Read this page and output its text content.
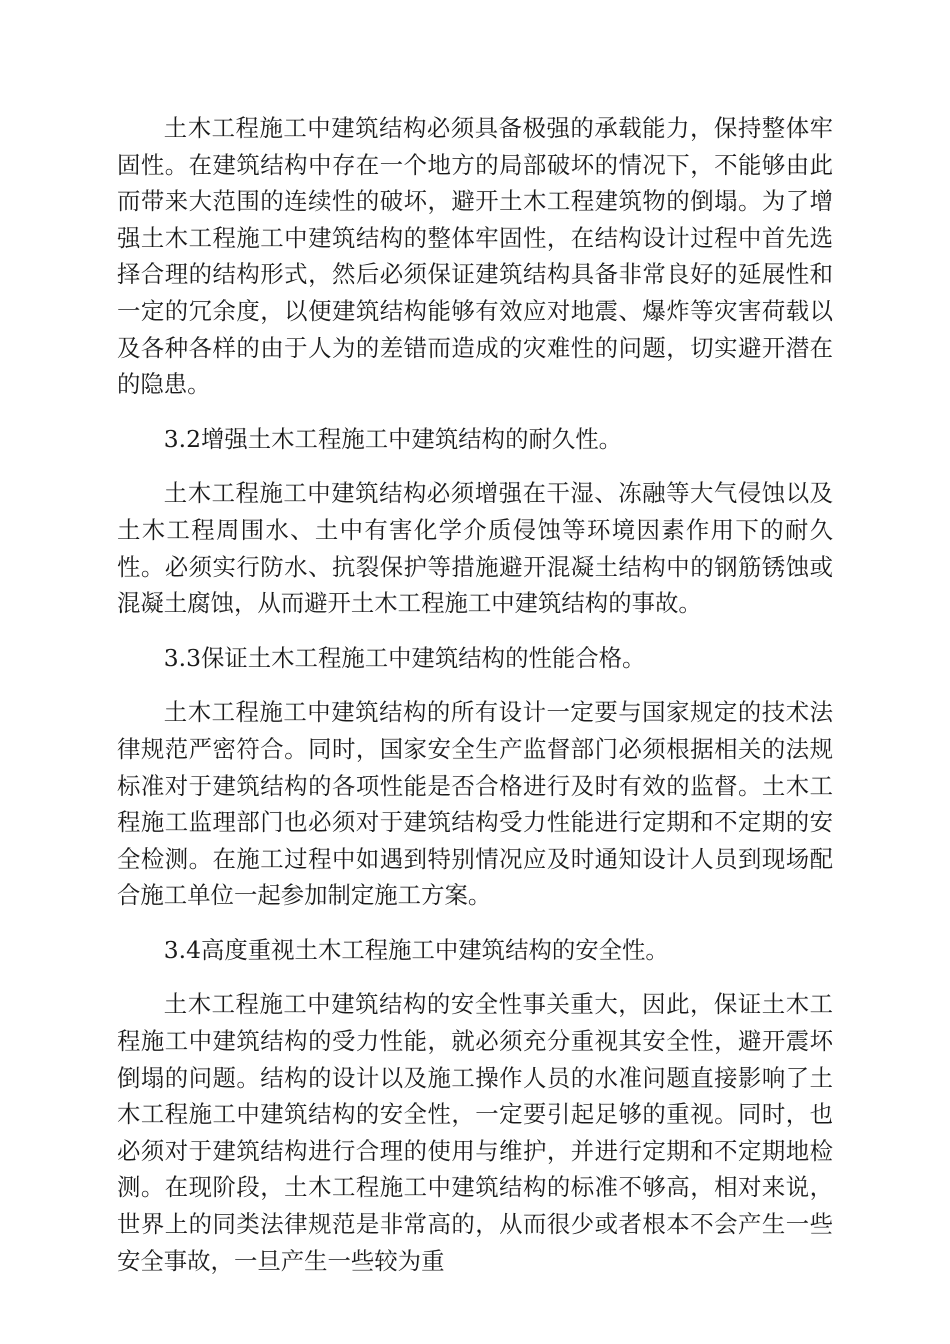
土木工程施工中建筑结构必须具备极强的承载能力，保持整体牢固性。在建筑结构中存在一个地方的局部破坏的情况下，不能够由此而带来大范围的连续性的破坏，避开土木工程建筑物的倒塌。为了增强土木工程施工中建筑结构的整体牢固性，在结构设计过程中首先选择合理的结构形式，然后必须保证建筑结构具备非常良好的延展性和一定的冗余度，以便建筑结构能够有效应对地震、爆炸等灾害荷载以及各种各样的由于人为的差错而造成的灾难性的问题，切实避开潜在的隐患。

3.2增强土木工程施工中建筑结构的耐久性。

土木工程施工中建筑结构必须增强在干湿、冻融等大气侵蚀以及土木工程周围水、土中有害化学介质侵蚀等环境因素作用下的耐久性。必须实行防水、抗裂保护等措施避开混凝土结构中的钢筋锈蚀或混凝土腐蚀，从而避开土木工程施工中建筑结构的事故。

3.3保证土木工程施工中建筑结构的性能合格。

土木工程施工中建筑结构的所有设计一定要与国家规定的技术法律规范严密符合。同时，国家安全生产监督部门必须根据相关的法规标准对于建筑结构的各项性能是否合格进行及时有效的监督。土木工程施工监理部门也必须对于建筑结构受力性能进行定期和不定期的安全检测。在施工过程中如遇到特别情况应及时通知设计人员到现场配合施工单位一起参加制定施工方案。

3.4高度重视土木工程施工中建筑结构的安全性。

土木工程施工中建筑结构的安全性事关重大，因此，保证土木工程施工中建筑结构的受力性能，就必须充分重视其安全性，避开震坏倒塌的问题。结构的设计以及施工操作人员的水准问题直接影响了土木工程施工中建筑结构的安全性，一定要引起足够的重视。同时，也必须对于建筑结构进行合理的使用与维护，并进行定期和不定期地检测。在现阶段，土木工程施工中建筑结构的标准不够高，相对来说，世界上的同类法律规范是非常高的，从而很少或者根本不会产生一些安全事故，一旦产生一些较为重
